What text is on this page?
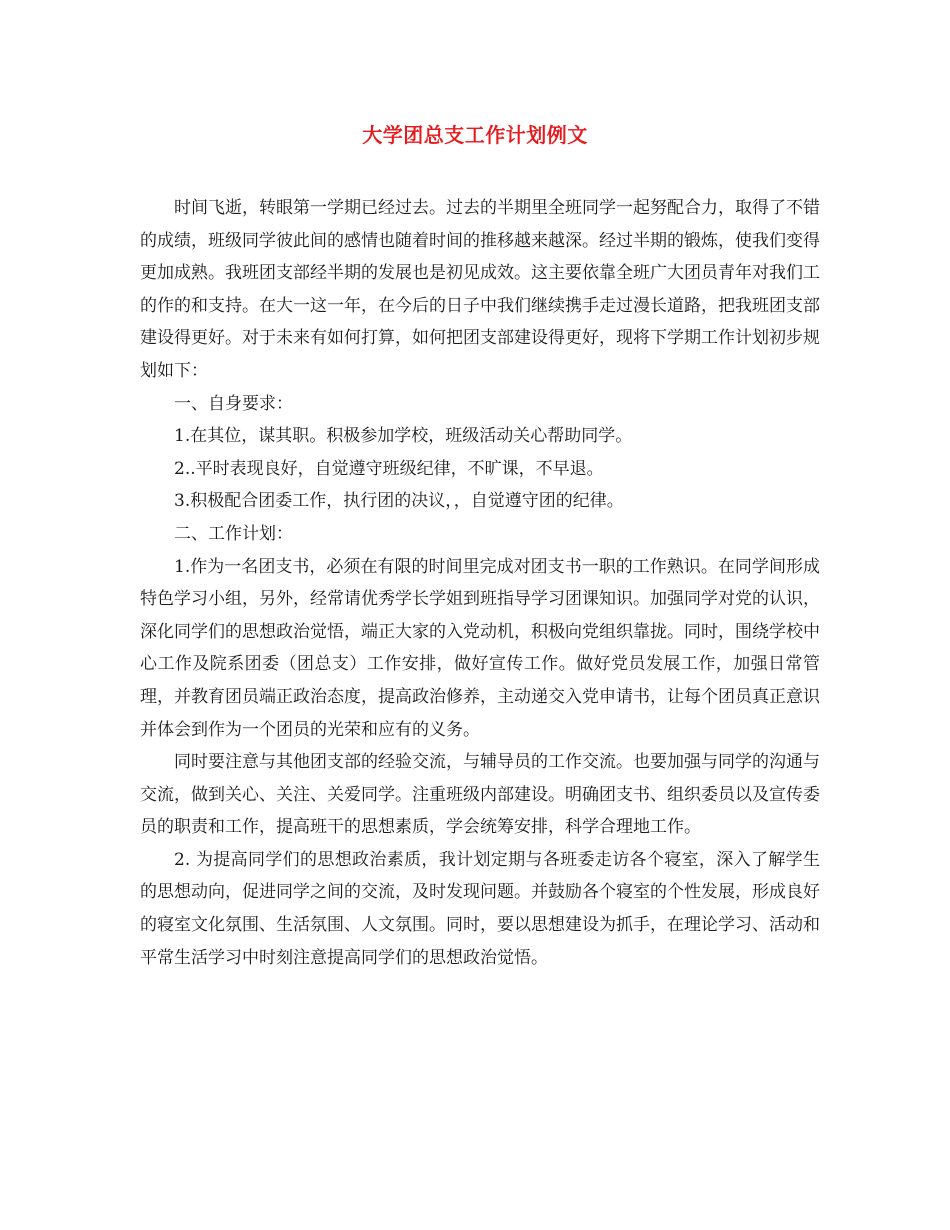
大学团总支工作计划例文

时间飞逝，转眼第一学期已经过去。过去的半期里全班同学一起努配合力，取得了不错的成绩，班级同学彼此间的感情也随着时间的推移越来越深。经过半期的锻炼，使我们变得更加成熟。我班团支部经半期的发展也是初见成效。这主要依靠全班广大团员青年对我们工的作的和支持。在大一这一年，在今后的日子中我们继续携手走过漫长道路，把我班团支部建设得更好。对于未来有如何打算，如何把团支部建设得更好，现将下学期工作计划初步规划如下：

一、自身要求：

1.在其位，谋其职。积极参加学校，班级活动关心帮助同学。

2..平时表现良好，自觉遵守班级纪律，不旷课，不早退。

3.积极配合团委工作，执行团的决议，，自觉遵守团的纪律。

二、工作计划：

1.作为一名团支书，必须在有限的时间里完成对团支书一职的工作熟识。在同学间形成特色学习小组，另外，经常请优秀学长学姐到班指导学习团课知识。加强同学对党的认识，深化同学们的思想政治觉悟，端正大家的入党动机，积极向党组织靠拢。同时，围绕学校中心工作及院系团委（团总支）工作安排，做好宣传工作。做好党员发展工作，加强日常管理，并教育团员端正政治态度，提高政治修养，主动递交入党申请书，让每个团员真正意识并体会到作为一个团员的光荣和应有的义务。

同时要注意与其他团支部的经验交流，与辅导员的工作交流。也要加强与同学的沟通与交流，做到关心、关注、关爱同学。注重班级内部建设。明确团支书、组织委员以及宣传委员的职责和工作，提高班干的思想素质，学会统筹安排，科学合理地工作。

2. 为提高同学们的思想政治素质，我计划定期与各班委走访各个寝室，深入了解学生的思想动向，促进同学之间的交流，及时发现问题。并鼓励各个寝室的个性发展，形成良好的寝室文化氛围、生活氛围、人文氛围。同时，要以思想建设为抓手，在理论学习、活动和平常生活学习中时刻注意提高同学们的思想政治觉悟。
